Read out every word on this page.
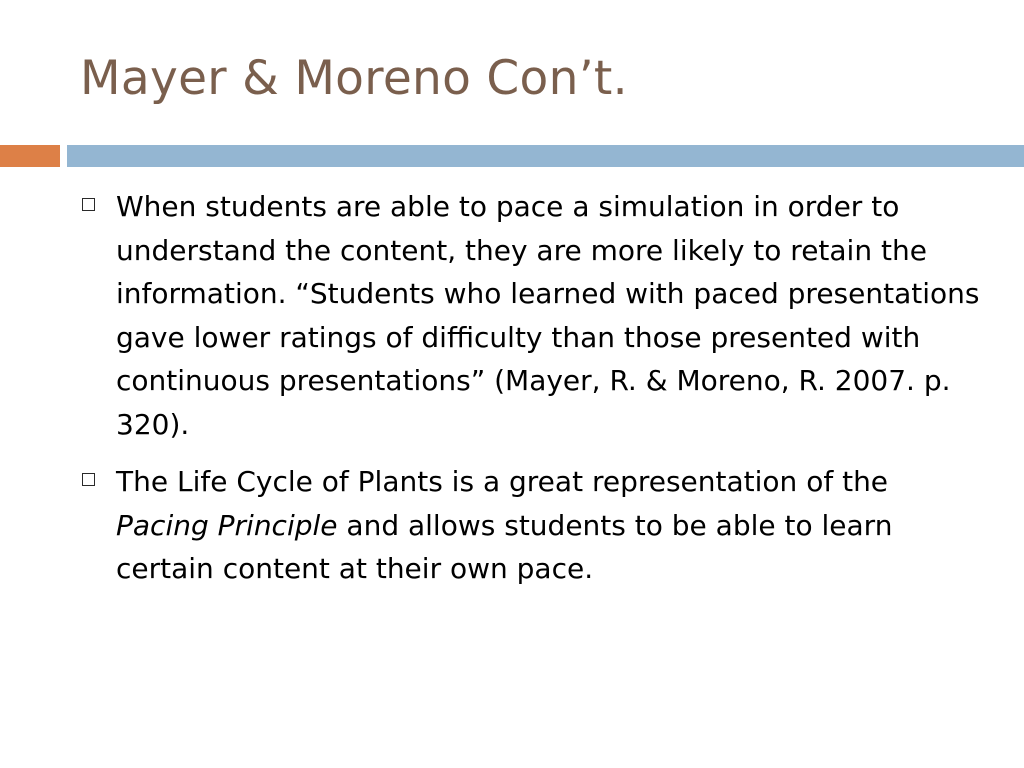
Mayer & Moreno Con’t.
When students are able to pace a simulation in order to understand the content, they are more likely to retain the information. “Students who learned with paced presentations gave lower ratings of difficulty than those presented with continuous presentations” (Mayer, R. & Moreno, R. 2007. p. 320).
The Life Cycle of Plants is a great representation of the Pacing Principle and allows students to be able to learn certain content at their own pace.
